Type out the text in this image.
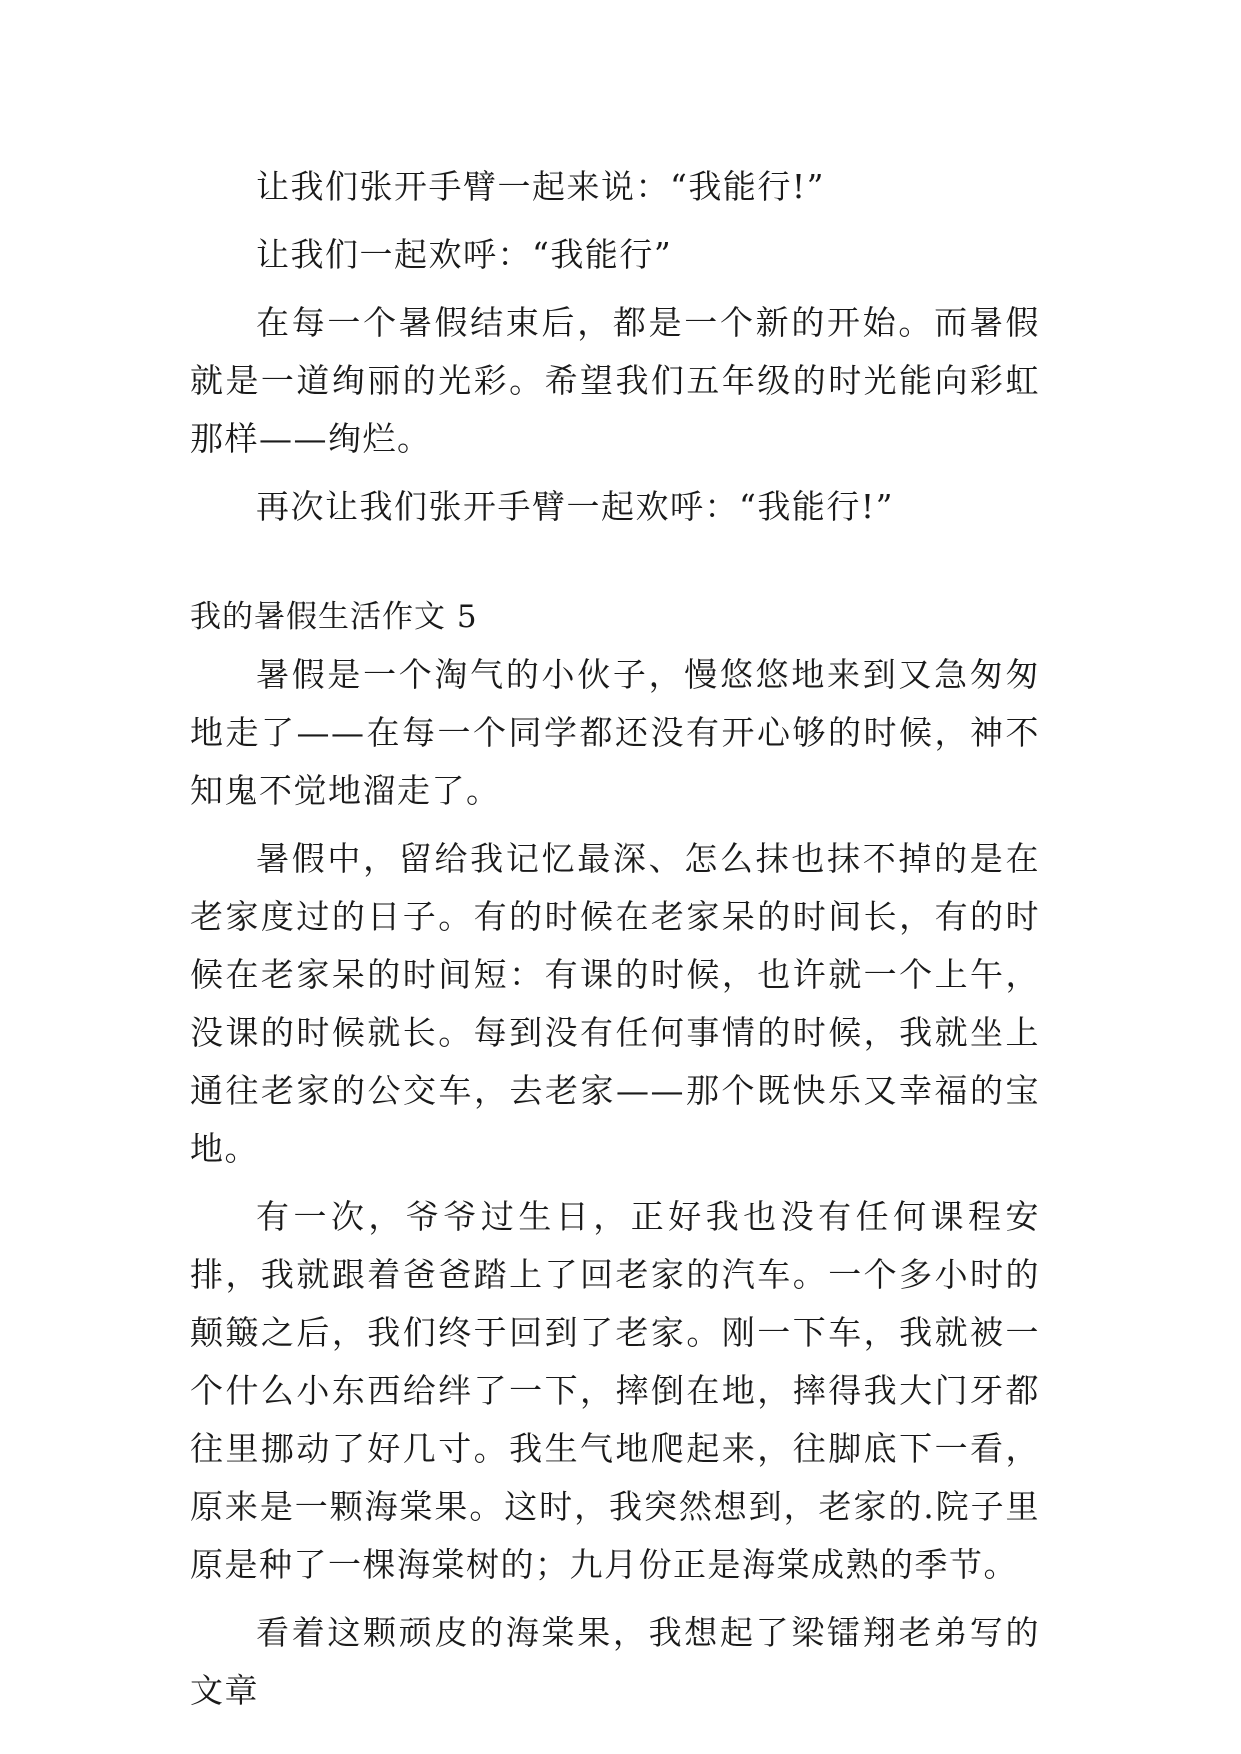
让我们张开手臂一起来说：“我能行!”

让我们一起欢呼：“我能行”

在每一个暑假结束后，都是一个新的开始。而暑假就是一道绚丽的光彩。希望我们五年级的时光能向彩虹那样——绚烂。

再次让我们张开手臂一起欢呼：“我能行!”

我的暑假生活作文 5

暑假是一个淘气的小伙子，慢悠悠地来到又急匆匆地走了——在每一个同学都还没有开心够的时候，神不知鬼不觉地溜走了。

暑假中，留给我记忆最深、怎么抹也抹不掉的是在老家度过的日子。有的时候在老家呆的时间长，有的时候在老家呆的时间短：有课的时候，也许就一个上午，没课的时候就长。每到没有任何事情的时候，我就坐上通往老家的公交车，去老家——那个既快乐又幸福的宝地。

有一次，爷爷过生日，正好我也没有任何课程安排，我就跟着爸爸踏上了回老家的汽车。一个多小时的颠簸之后，我们终于回到了老家。刚一下车，我就被一个什么小东西给绊了一下，摔倒在地，摔得我大门牙都往里挪动了好几寸。我生气地爬起来，往脚底下一看，原来是一颗海棠果。这时，我突然想到，老家的.院子里原是种了一棵海棠树的；九月份正是海棠成熟的季节。

看着这颗顽皮的海棠果，我想起了梁镭翔老弟写的文章
